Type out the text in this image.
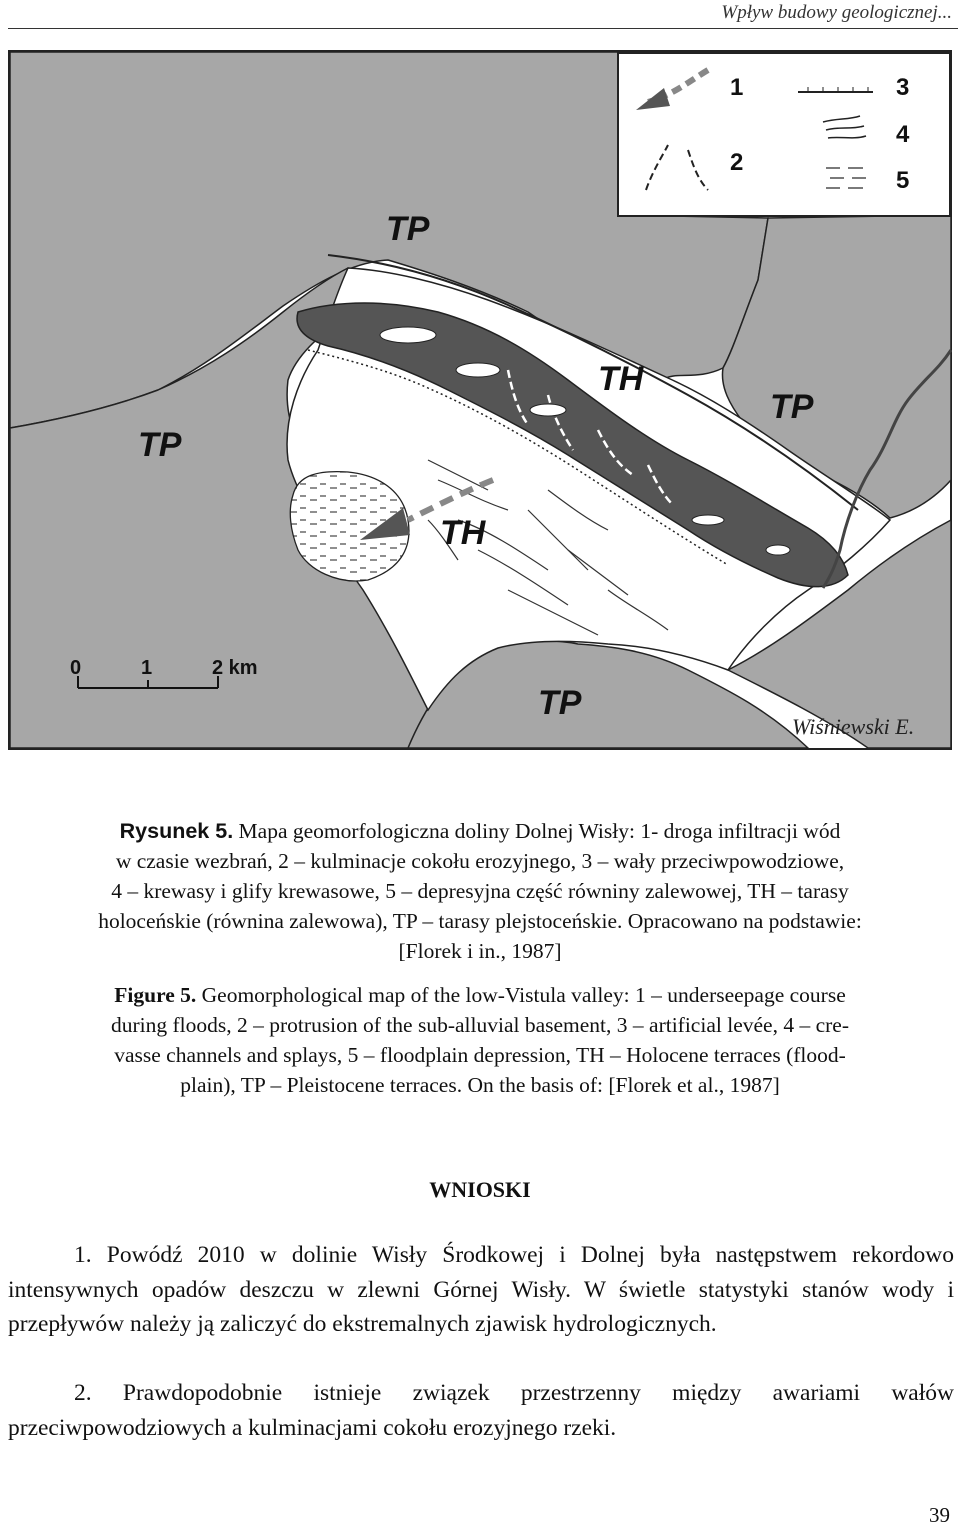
Wpływ budowy geologicznej...
1
2
3
4
5
TP
TH
TP
TP
TH
TP
0	1	2 km
Wiśniewski E.

Rysunek 5. Mapa geomorfologiczna doliny Dolnej Wisły: 1- droga infiltracji wód

w czasie wezbrań, 2 – kulminacje cokołu erozyjnego, 3 – wały przeciwpowodziowe,

4 – krewasy i glify krewasowe, 5 – depresyjna część równiny zalewowej, TH – tarasy

holoceńskie (równina zalewowa), TP – tarasy plejstoceńskie. Opracowano na podstawie:

[Florek i in., 1987]

Figure 5. Geomorphological map of the low-Vistula valley: 1 – underseepage course

during floods, 2 – protrusion of the sub-alluvial basement, 3 – artificial levée, 4 – cre-

vasse channels and splays, 5 – floodplain depression, TH – Holocene terraces (flood-

plain), TP – Pleistocene terraces. On the basis of: [Florek et al., 1987]

WNIOSKI

1. Powódź 2010 w dolinie Wisły Środkowej i Dolnej była następstwem rekordowo intensywnych opadów deszczu w zlewni Górnej Wisły. W świetle statystyki stanów wody i przepływów należy ją zaliczyć do ekstremalnych zjawisk hydrologicznych.

2. Prawdopodobnie istnieje związek przestrzenny między awariami wałów przeciwpowodziowych a kulminacjami cokołu erozyjnego rzeki.

39
